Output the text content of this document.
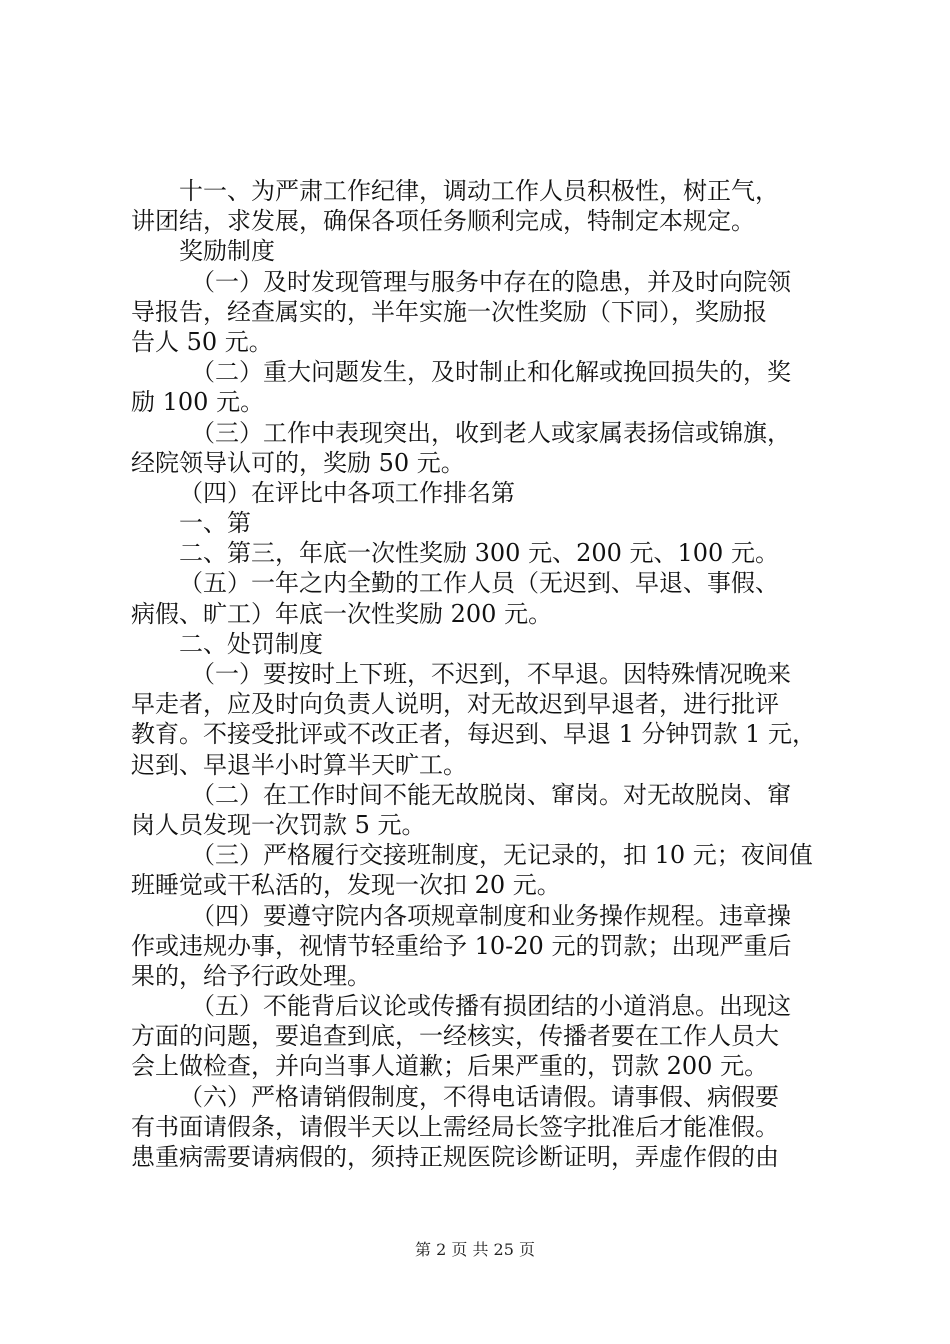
十一、为严肃工作纪律，调动工作人员积极性，树正气，
讲团结，求发展，确保各项任务顺利完成，特制定本规定。
奖励制度
（一）及时发现管理与服务中存在的隐患，并及时向院领
导报告，经查属实的，半年实施一次性奖励（下同），奖励报
告人 50 元。
（二）重大问题发生，及时制止和化解或挽回损失的，奖
励 100 元。
（三）工作中表现突出，收到老人或家属表扬信或锦旗，
经院领导认可的，奖励 50 元。
（四）在评比中各项工作排名第
一、第
二、第三，年底一次性奖励 300 元、200 元、100 元。
（五）一年之内全勤的工作人员（无迟到、早退、事假、
病假、旷工）年底一次性奖励 200 元。
二、处罚制度
（一）要按时上下班，不迟到，不早退。因特殊情况晚来
早走者，应及时向负责人说明，对无故迟到早退者，进行批评
教育。不接受批评或不改正者，每迟到、早退 1 分钟罚款 1 元，
迟到、早退半小时算半天旷工。
（二）在工作时间不能无故脱岗、窜岗。对无故脱岗、窜
岗人员发现一次罚款 5 元。
（三）严格履行交接班制度，无记录的，扣 10 元；夜间值
班睡觉或干私活的，发现一次扣 20 元。
（四）要遵守院内各项规章制度和业务操作规程。违章操
作或违规办事，视情节轻重给予 10-20 元的罚款；出现严重后
果的，给予行政处理。
（五）不能背后议论或传播有损团结的小道消息。出现这
方面的问题，要追查到底，一经核实，传播者要在工作人员大
会上做检查，并向当事人道歉；后果严重的，罚款 200 元。
（六）严格请销假制度，不得电话请假。请事假、病假要
有书面请假条，请假半天以上需经局长签字批准后才能准假。
患重病需要请病假的，须持正规医院诊断证明，弄虚作假的由
第 2 页 共 25 页
